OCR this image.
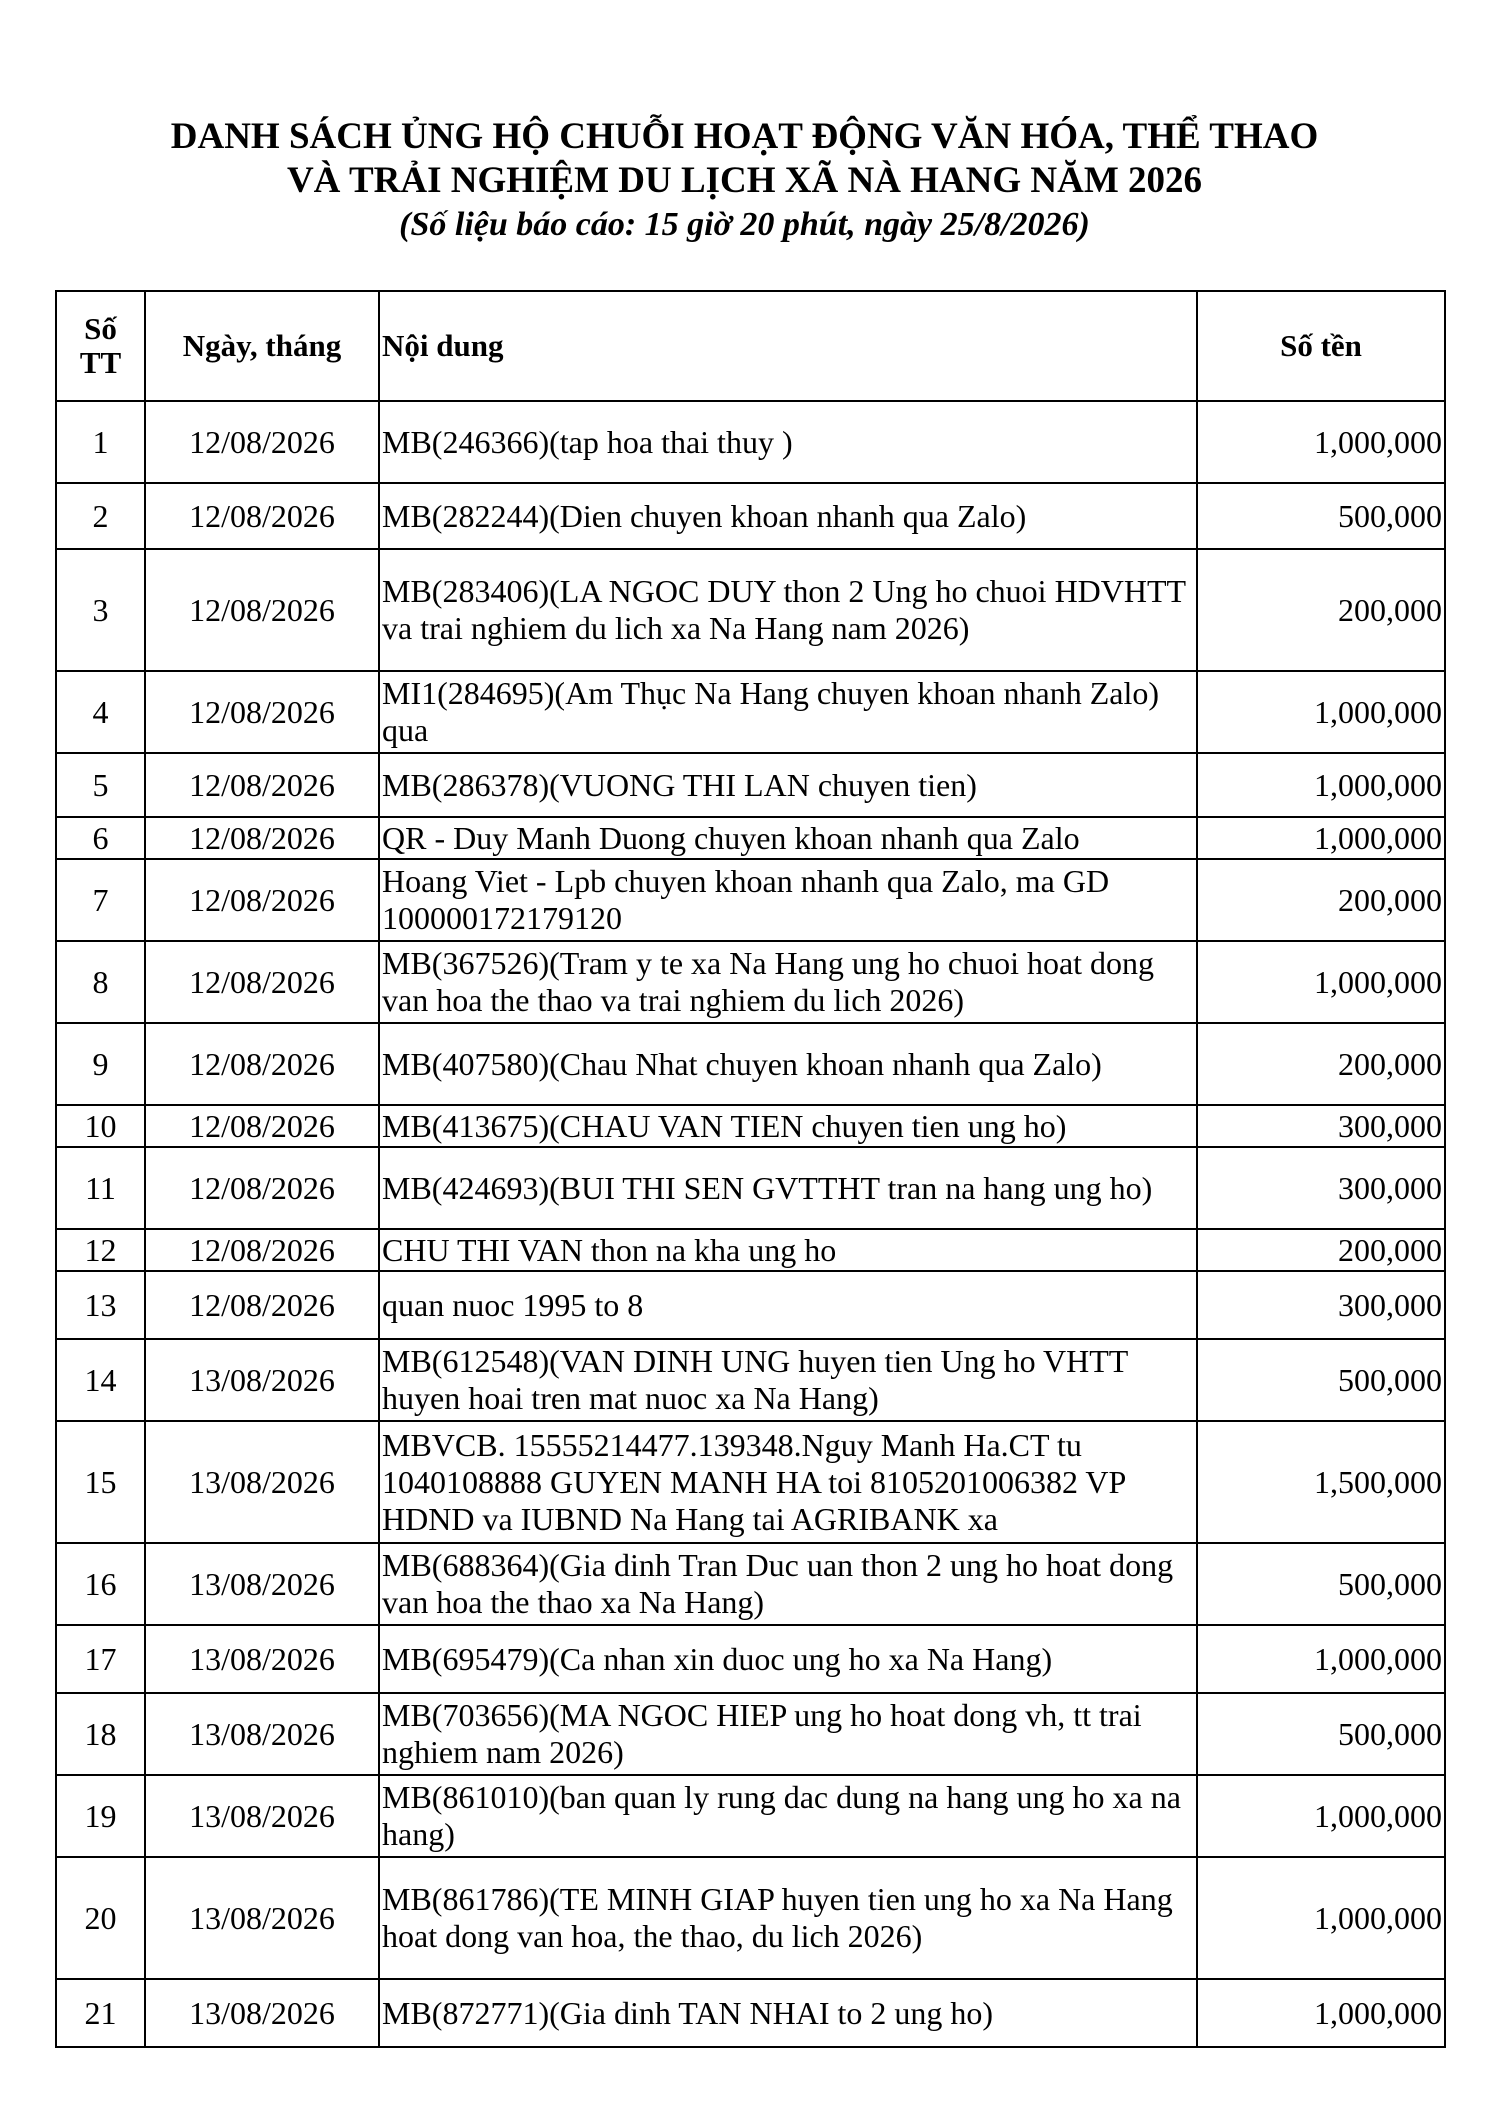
DANH SÁCH ỦNG HỘ CHUỖI HOẠT ĐỘNG VĂN HÓA, THỂ THAO
VÀ TRẢI NGHIỆM DU LỊCH XÃ NÀ HANG NĂM 2026
(Số liệu báo cáo: 15 giờ 20 phút, ngày 25/8/2026)
Số
TT	Ngày, tháng	Nội dung	Số tền
1	12/08/2026	MB(246366)(tap hoa thai thuy )	1,000,000
2	12/08/2026	MB(282244)(Dien chuyen khoan nhanh qua Zalo)	500,000
3	12/08/2026	MB(283406)(LA NGOC DUY thon 2 Ung ho chuoi HDVHTT va trai nghiem du lich xa Na Hang nam 2026)	200,000
4	12/08/2026	MI1(284695)(Am Thục Na Hang chuyen khoan nhanh Zalo) qua	1,000,000
5	12/08/2026	MB(286378)(VUONG THI LAN chuyen tien)	1,000,000
6	12/08/2026	QR - Duy Manh Duong chuyen khoan nhanh qua Zalo	1,000,000
7	12/08/2026	Hoang Viet - Lpb chuyen khoan nhanh qua Zalo, ma GD 100000172179120	200,000
8	12/08/2026	MB(367526)(Tram y te xa Na Hang ung ho chuoi hoat dong van hoa the thao va trai nghiem du lich 2026)	1,000,000
9	12/08/2026	MB(407580)(Chau Nhat chuyen khoan nhanh qua Zalo)	200,000
10	12/08/2026	MB(413675)(CHAU VAN TIEN chuyen tien ung ho)	300,000
11	12/08/2026	MB(424693)(BUI THI SEN GVTTHT tran na hang ung ho)	300,000
12	12/08/2026	CHU THI VAN thon na kha ung ho	200,000
13	12/08/2026	quan nuoc 1995 to 8	300,000
14	13/08/2026	MB(612548)(VAN DINH UNG huyen tien Ung ho VHTT huyen hoai tren mat nuoc xa Na Hang)	500,000
15	13/08/2026	MBVCB. 15555214477.139348.Nguy Manh Ha.CT tu 1040108888 GUYEN MANH HA toi 8105201006382 VP HDND va IUBND Na Hang tai AGRIBANK xa	1,500,000
16	13/08/2026	MB(688364)(Gia dinh Tran Duc uan thon 2 ung ho hoat dong van hoa the thao xa Na Hang)	500,000
17	13/08/2026	MB(695479)(Ca nhan xin duoc ung ho xa Na Hang)	1,000,000
18	13/08/2026	MB(703656)(MA NGOC HIEP ung ho hoat dong vh, tt trai nghiem nam 2026)	500,000
19	13/08/2026	MB(861010)(ban quan ly rung dac dung na hang ung ho xa na hang)	1,000,000
20	13/08/2026	MB(861786)(TE MINH GIAP huyen tien ung ho xa Na Hang hoat dong van hoa, the thao, du lich 2026)	1,000,000
21	13/08/2026	MB(872771)(Gia dinh TAN NHAI to 2 ung ho)	1,000,000
